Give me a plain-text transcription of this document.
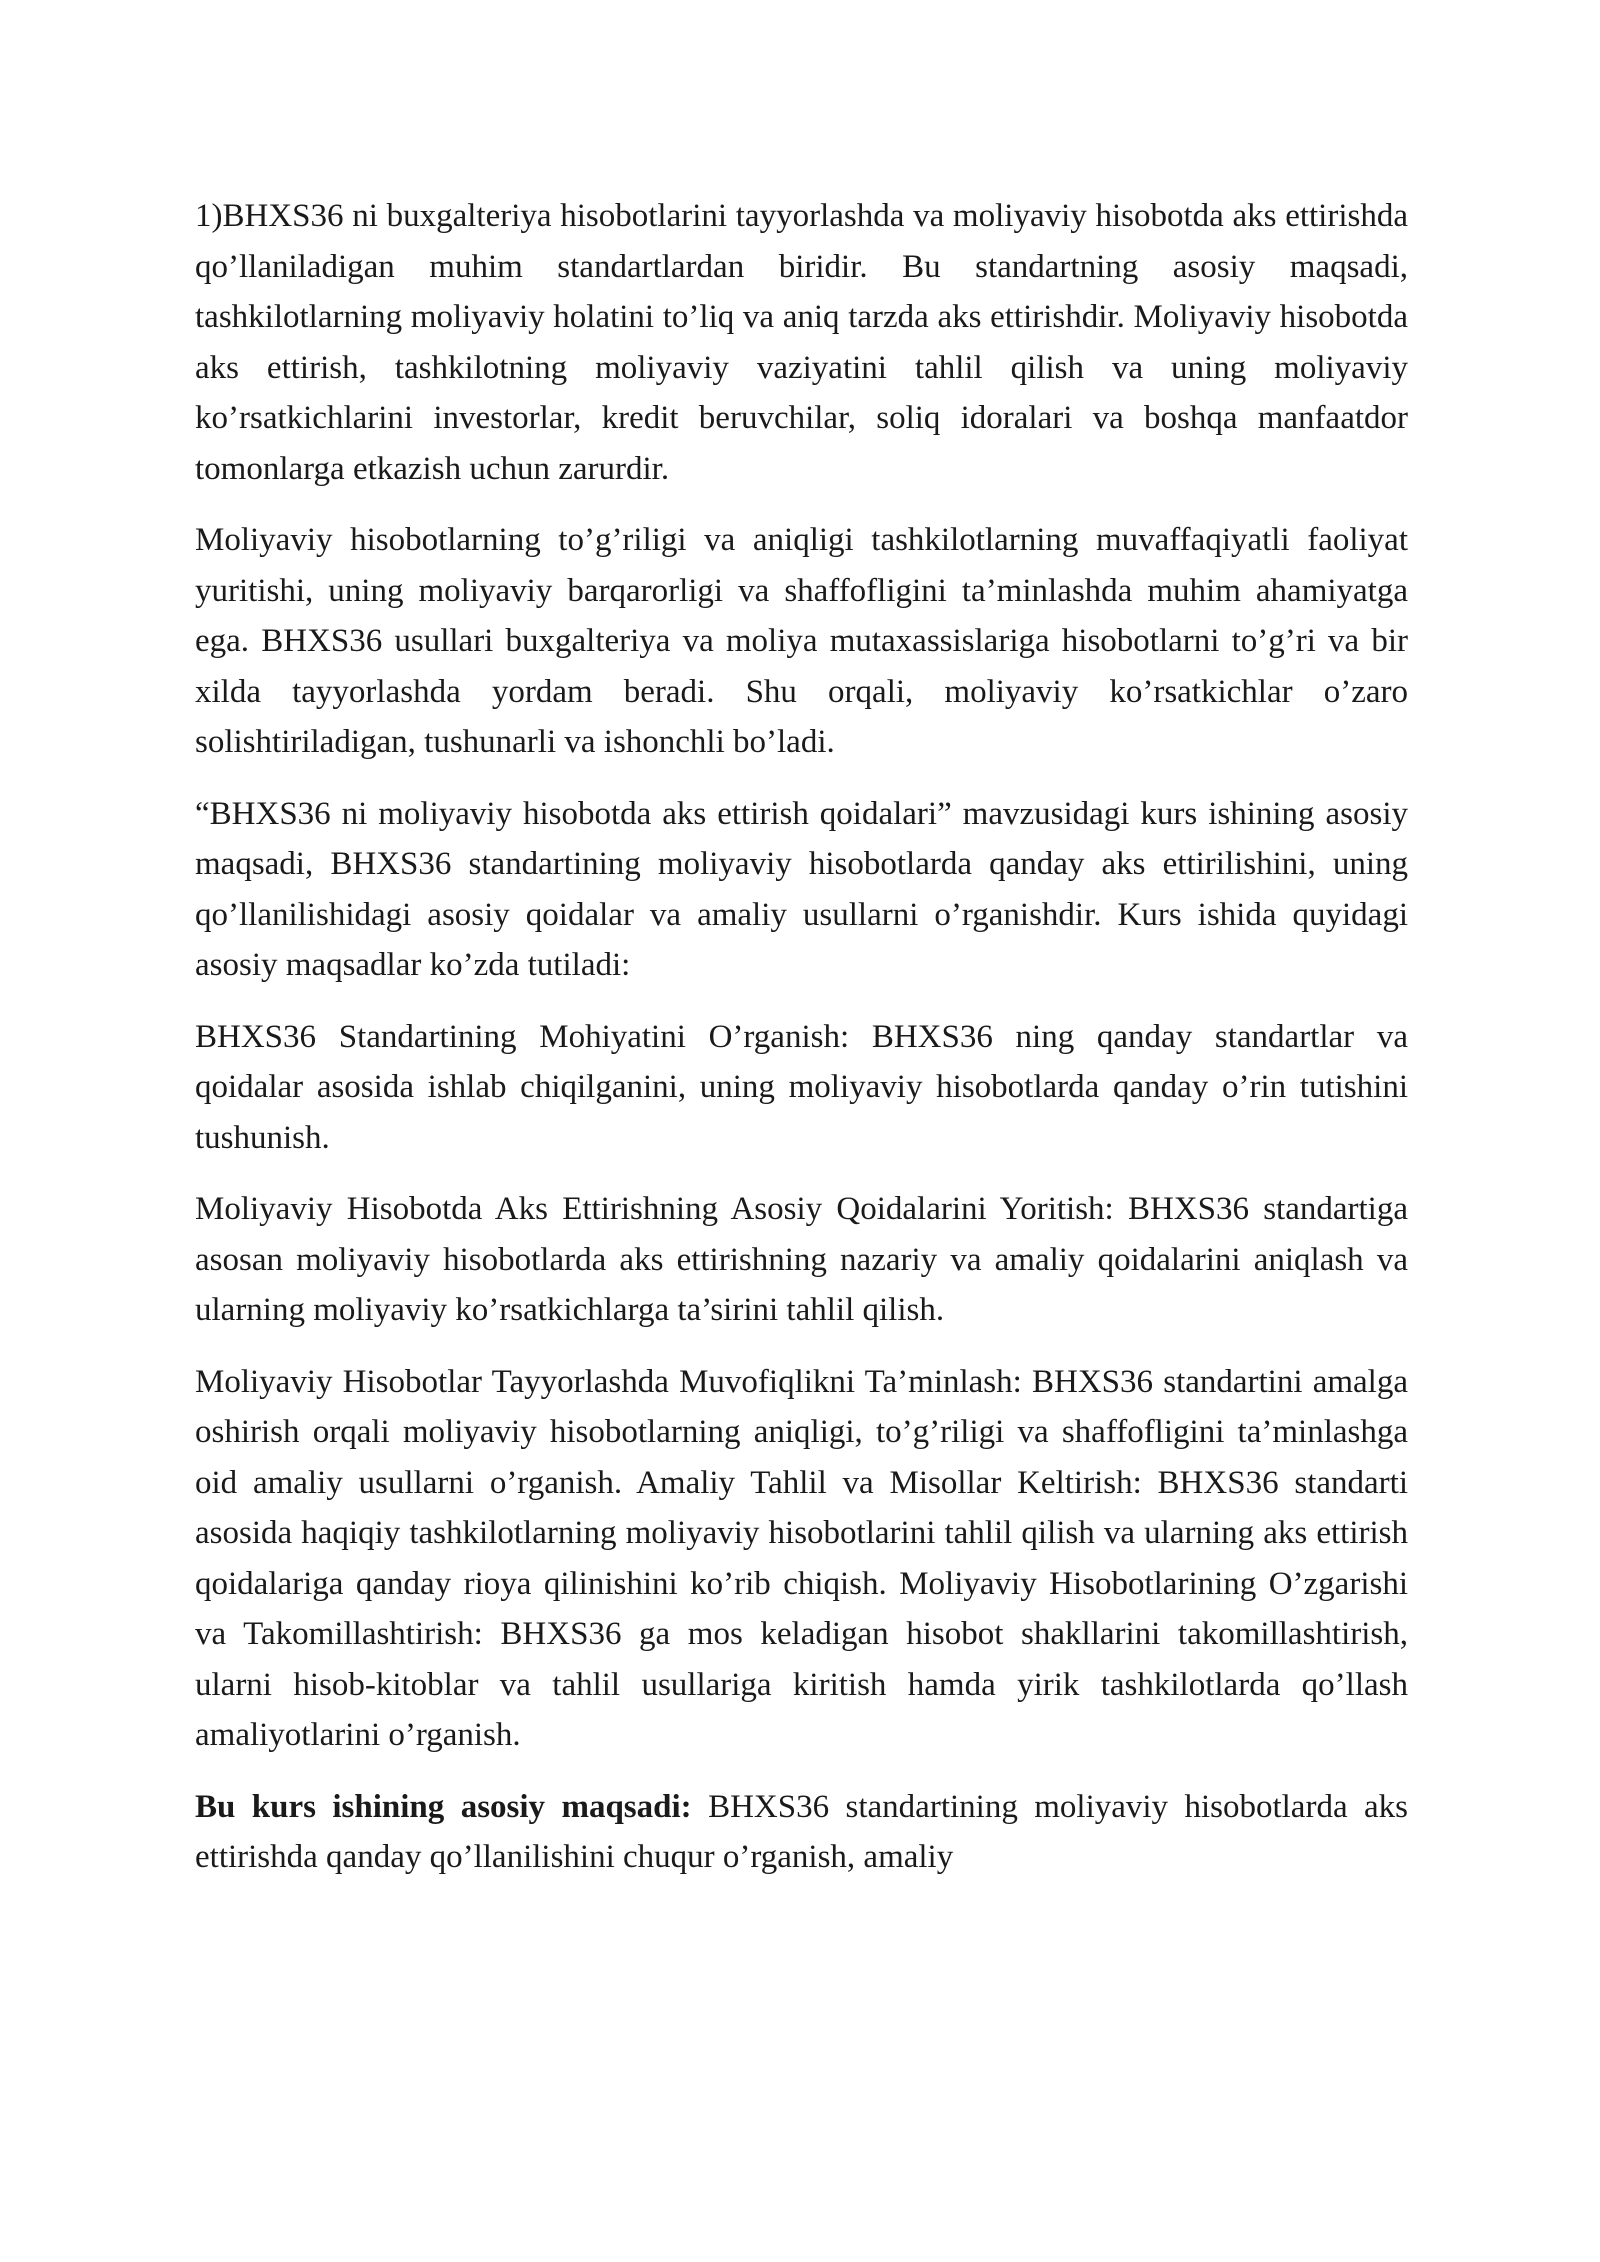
1)BHXS36 ni buxgalteriya hisobotlarini tayyorlashda va moliyaviy hisobotda aks ettirishda qo’llaniladigan muhim standartlardan biridir. Bu standartning asosiy maqsadi, tashkilotlarning moliyaviy holatini to’liq va aniq tarzda aks ettirishdir. Moliyaviy hisobotda aks ettirish, tashkilotning moliyaviy vaziyatini tahlil qilish va uning moliyaviy ko’rsatkichlarini investorlar, kredit beruvchilar, soliq idoralari va boshqa manfaatdor tomonlarga etkazish uchun zarurdir.

Moliyaviy hisobotlarning to’g’riligi va aniqligi tashkilotlarning muvaffaqiyatli faoliyat yuritishi, uning moliyaviy barqarorligi va shaffofligini ta’minlashda muhim ahamiyatga ega. BHXS36 usullari buxgalteriya va moliya mutaxassislariga hisobotlarni to’g’ri va bir xilda tayyorlashda yordam beradi. Shu orqali, moliyaviy ko’rsatkichlar o’zaro solishtiriladigan, tushunarli va ishonchli bo’ladi.

“BHXS36 ni moliyaviy hisobotda aks ettirish qoidalari” mavzusidagi kurs ishining asosiy maqsadi, BHXS36 standartining moliyaviy hisobotlarda qanday aks ettirilishini, uning qo’llanilishidagi asosiy qoidalar va amaliy usullarni o’rganishdir. Kurs ishida quyidagi asosiy maqsadlar ko’zda tutiladi:

BHXS36 Standartining Mohiyatini O’rganish: BHXS36 ning qanday standartlar va qoidalar asosida ishlab chiqilganini, uning moliyaviy hisobotlarda qanday o’rin tutishini tushunish.

Moliyaviy Hisobotda Aks Ettirishning Asosiy Qoidalarini Yoritish: BHXS36 standartiga asosan moliyaviy hisobotlarda aks ettirishning nazariy va amaliy qoidalarini aniqlash va ularning moliyaviy ko’rsatkichlarga ta’sirini tahlil qilish.

Moliyaviy Hisobotlar Tayyorlashda Muvofiqlikni Ta’minlash: BHXS36 standartini amalga oshirish orqali moliyaviy hisobotlarning aniqligi, to’g’riligi va shaffofligini ta’minlashga oid amaliy usullarni o’rganish. Amaliy Tahlil va Misollar Keltirish: BHXS36 standarti asosida haqiqiy tashkilotlarning moliyaviy hisobotlarini tahlil qilish va ularning aks ettirish qoidalariga qanday rioya qilinishini ko’rib chiqish. Moliyaviy Hisobotlarining O’zgarishi va Takomillashtirish: BHXS36 ga mos keladigan hisobot shakllarini takomillashtirish, ularni hisob-kitoblar va tahlil usullariga kiritish hamda yirik tashkilotlarda qo’llash amaliyotlarini o’rganish.

Bu kurs ishining asosiy maqsadi: BHXS36 standartining moliyaviy hisobotlarda aks ettirishda qanday qo’llanilishini chuqur o’rganish, amaliy
